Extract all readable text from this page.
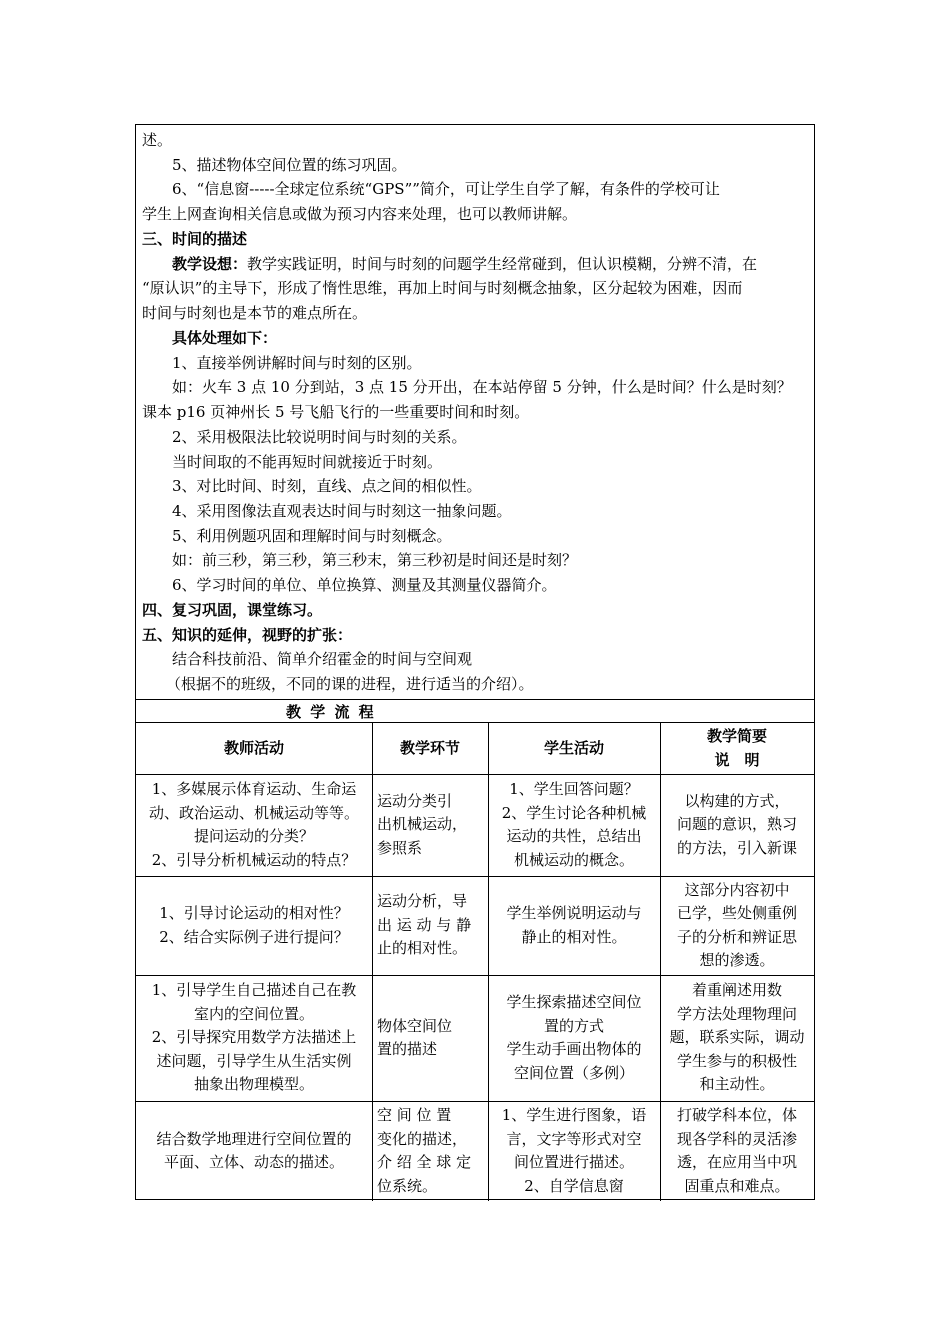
述。
5、描述物体空间位置的练习巩固。
6、“信息窗-----全球定位系统“GPS””简介，可让学生自学了解，有条件的学校可让
学生上网查询相关信息或做为预习内容来处理，也可以教师讲解。
三、时间的描述
教学设想：教学实践证明，时间与时刻的问题学生经常碰到，但认识模糊，分辨不清，在
“原认识”的主导下，形成了惰性思维，再加上时间与时刻概念抽象，区分起较为困难，因而
时间与时刻也是本节的难点所在。
具体处理如下：
1、直接举例讲解时间与时刻的区别。
如：火车 3 点 10 分到站，3 点 15 分开出，在本站停留 5 分钟，什么是时间？什么是时刻？
课本 p16 页神州长 5 号飞船飞行的一些重要时间和时刻。
2、采用极限法比较说明时间与时刻的关系。
当时间取的不能再短时间就接近于时刻。
3、对比时间、时刻，直线、点之间的相似性。
4、采用图像法直观表达时间与时刻这一抽象问题。
5、利用例题巩固和理解时间与时刻概念。
如：前三秒，第三秒，第三秒末，第三秒初是时间还是时刻？
6、学习时间的单位、单位换算、测量及其测量仪器简介。
四、复习巩固，课堂练习。
五、知识的延伸，视野的扩张：
结合科技前沿、简单介绍霍金的时间与空间观
（根据不的班级，不同的课的进程，进行适当的介绍）。
教 学 流 程
教师活动	教学环节	学生活动
教学简要
说　明
1、多媒展示体育运动、生命运
动、政治运动、机械运动等等。
提问运动的分类？
2、引导分析机械运动的特点？
运动分类引
出机械运动，
参照系
1、学生回答问题？
2、学生讨论各种机械
运动的共性，总结出
机械运动的概念。
以构建的方式，
问题的意识，熟习
的方法，引入新课
1、引导讨论运动的相对性？
2、结合实际例子进行提问？
运动分析，导
出 运 动 与 静
止的相对性。
学生举例说明运动与
静止的相对性。
这部分内容初中
已学，些处侧重例
子的分析和辨证思
想的渗透。
1、引导学生自己描述自己在教
室内的空间位置。
2、引导探究用数学方法描述上
述问题，引导学生从生活实例
抽象出物理模型。
物体空间位
置的描述
学生探索描述空间位
置的方式
学生动手画出物体的
空间位置（多例）
着重阐述用数
学方法处理物理问
题，联系实际，调动
学生参与的积极性
和主动性。
结合数学地理进行空间位置的
平面、立体、动态的描述。
空 间 位 置
变化的描述，
介 绍 全 球 定
位系统。
1、学生进行图象，语
言，文字等形式对空
间位置进行描述。
2、自学信息窗
打破学科本位，体
现各学科的灵活渗
透，在应用当中巩
固重点和难点。
